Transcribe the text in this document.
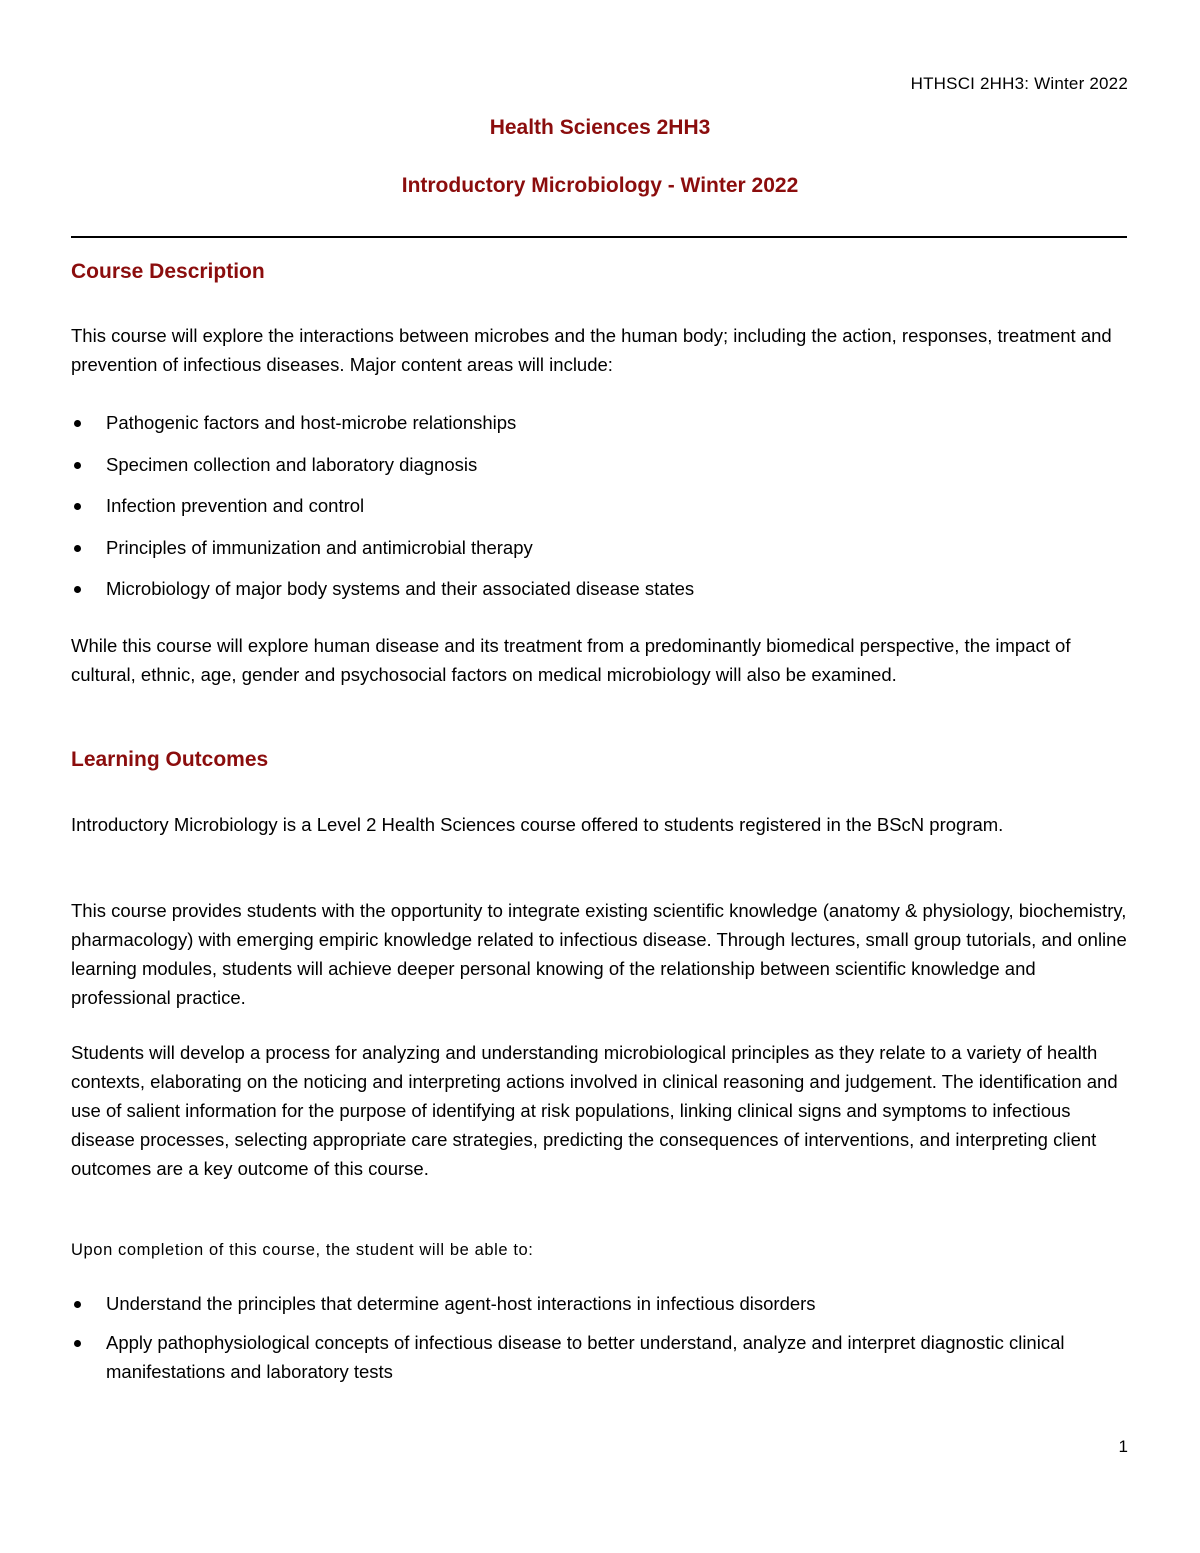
HTHSCI 2HH3: Winter 2022
Health Sciences 2HH3
Introductory Microbiology - Winter 2022
Course Description

This course will explore the interactions between microbes and the human body; including the action, responses, treatment and prevention of infectious diseases. Major content areas will include:

Pathogenic factors and host-microbe relationships
Specimen collection and laboratory diagnosis
Infection prevention and control
Principles of immunization and antimicrobial therapy
Microbiology of major body systems and their associated disease states

While this course will explore human disease and its treatment from a predominantly biomedical perspective, the impact of cultural, ethnic, age, gender and psychosocial factors on medical microbiology will also be examined.

Learning Outcomes

Introductory Microbiology is a Level 2 Health Sciences course offered to students registered in the BScN program.

This course provides students with the opportunity to integrate existing scientific knowledge (anatomy & physiology, biochemistry, pharmacology) with emerging empiric knowledge related to infectious disease. Through lectures, small group tutorials, and online learning modules, students will achieve deeper personal knowing of the relationship between scientific knowledge and professional practice.

Students will develop a process for analyzing and understanding microbiological principles as they relate to a variety of health contexts, elaborating on the noticing and interpreting actions involved in clinical reasoning and judgement. The identification and use of salient information for the purpose of identifying at risk populations, linking clinical signs and symptoms to infectious disease processes, selecting appropriate care strategies, predicting the consequences of interventions, and interpreting client outcomes are a key outcome of this course.

Upon completion of this course, the student will be able to:

Understand the principles that determine agent-host interactions in infectious disorders
Apply pathophysiological concepts of infectious disease to better understand, analyze and interpret diagnostic clinical manifestations and laboratory tests
1
